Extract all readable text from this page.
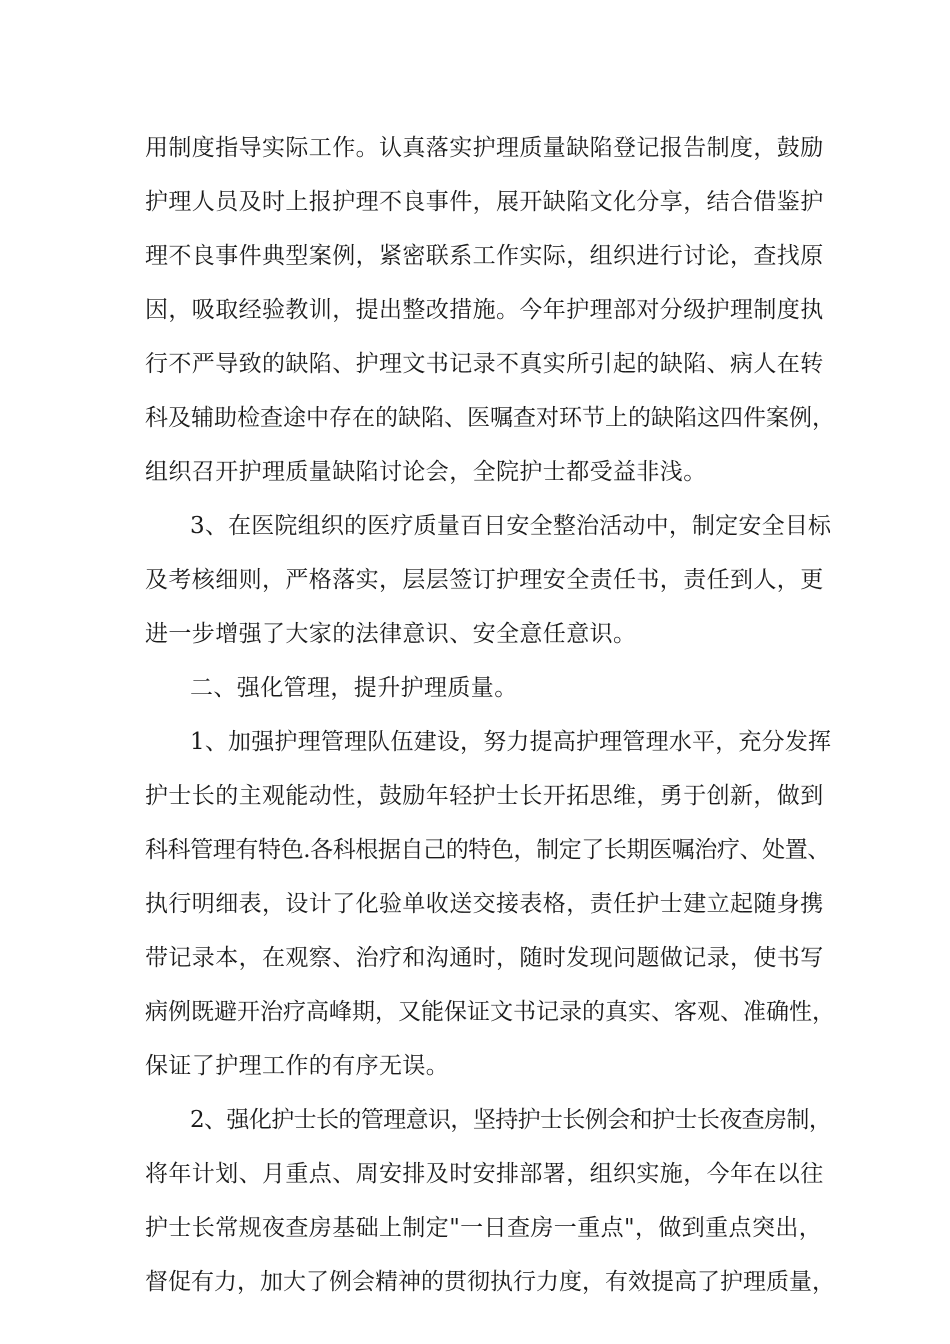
用制度指导实际工作。认真落实护理质量缺陷登记报告制度，鼓励
护理人员及时上报护理不良事件，展开缺陷文化分享，结合借鉴护
理不良事件典型案例，紧密联系工作实际，组织进行讨论，查找原
因，吸取经验教训，提出整改措施。今年护理部对分级护理制度执
行不严导致的缺陷、护理文书记录不真实所引起的缺陷、病人在转
科及辅助检查途中存在的缺陷、医嘱查对环节上的缺陷这四件案例，
组织召开护理质量缺陷讨论会，全院护士都受益非浅。
3、在医院组织的医疗质量百日安全整治活动中，制定安全目标
及考核细则，严格落实，层层签订护理安全责任书，责任到人，更
进一步增强了大家的法律意识、安全意任意识。
二、强化管理，提升护理质量。
1、加强护理管理队伍建设，努力提高护理管理水平，充分发挥
护士长的主观能动性，鼓励年轻护士长开拓思维，勇于创新，做到
科科管理有特色.各科根据自己的特色，制定了长期医嘱治疗、处置、
执行明细表，设计了化验单收送交接表格，责任护士建立起随身携
带记录本，在观察、治疗和沟通时，随时发现问题做记录，使书写
病例既避开治疗高峰期，又能保证文书记录的真实、客观、准确性，
保证了护理工作的有序无误。
2、强化护士长的管理意识，坚持护士长例会和护士长夜查房制，
将年计划、月重点、周安排及时安排部署，组织实施，今年在以往
护士长常规夜查房基础上制定"一日查房一重点"，做到重点突出，
督促有力，加大了例会精神的贯彻执行力度，有效提高了护理质量，
